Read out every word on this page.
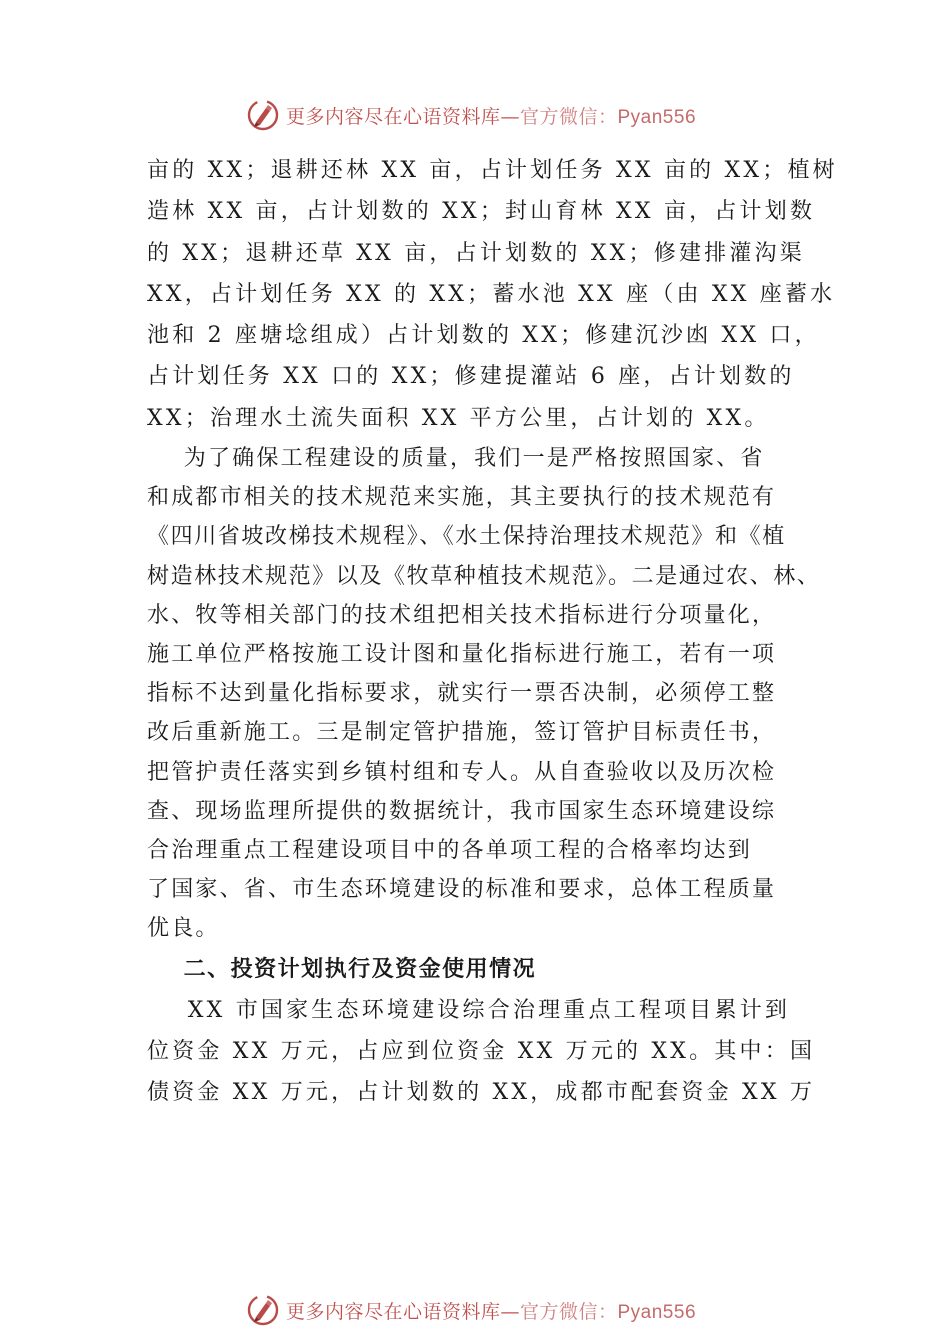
更多内容尽在心语资料库—官方微信：Pyan556
亩的 XX；退耕还林 XX 亩，占计划任务 XX 亩的 XX；植树
造林 XX 亩，占计划数的 XX；封山育林 XX 亩，占计划数
的 XX；退耕还草 XX 亩，占计划数的 XX；修建排灌沟渠
XX，占计划任务 XX 的 XX；蓄水池 XX 座（由 XX 座蓄水
池和 2 座塘埝组成）占计划数的 XX；修建沉沙凼 XX 口，
占计划任务 XX 口的 XX；修建提灌站 6 座，占计划数的
XX；治理水土流失面积 XX 平方公里，占计划的 XX。
为了确保工程建设的质量，我们一是严格按照国家、省
和成都市相关的技术规范来实施，其主要执行的技术规范有
《四川省坡改梯技术规程》、《水土保持治理技术规范》和《植
树造林技术规范》以及《牧草种植技术规范》。二是通过农、林、
水、牧等相关部门的技术组把相关技术指标进行分项量化，
施工单位严格按施工设计图和量化指标进行施工，若有一项
指标不达到量化指标要求，就实行一票否决制，必须停工整
改后重新施工。三是制定管护措施，签订管护目标责任书，
把管护责任落实到乡镇村组和专人。从自查验收以及历次检
查、现场监理所提供的数据统计，我市国家生态环境建设综
合治理重点工程建设项目中的各单项工程的合格率均达到
了国家、省、市生态环境建设的标准和要求，总体工程质量
优良。
二、投资计划执行及资金使用情况
XX 市国家生态环境建设综合治理重点工程项目累计到
位资金 XX 万元，占应到位资金 XX 万元的 XX。其中：国
债资金 XX 万元，占计划数的 XX，成都市配套资金 XX 万
更多内容尽在心语资料库—官方微信：Pyan556
